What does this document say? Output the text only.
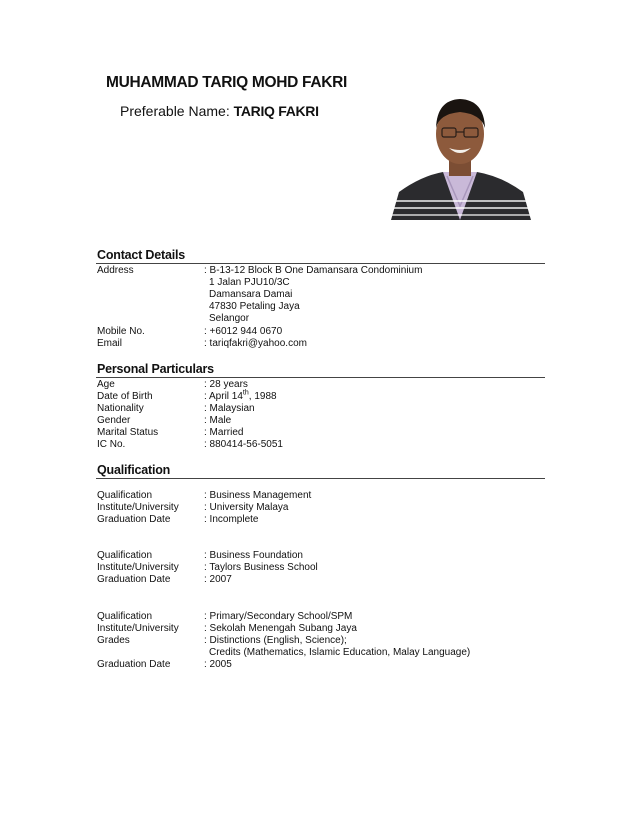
MUHAMMAD TARIQ MOHD FAKRI
Preferable Name: TARIQ FAKRI
Contact Details
Address	: B-13-12 Block B One Damansara Condominium
1 Jalan PJU10/3C
Damansara Damai
47830 Petaling Jaya
Selangor
Mobile No.	: +6012 944 0670
Email	: tariqfakri@yahoo.com
Personal Particulars
Age	: 28 years
Date of Birth	: April 14th, 1988
Nationality	: Malaysian
Gender	: Male
Marital Status	: Married
IC No.	: 880414-56-5051
Qualification
Qualification	: Business Management
Institute/University	: University Malaya
Graduation Date	: Incomplete
Qualification	: Business Foundation
Institute/University	: Taylors Business School
Graduation Date	: 2007
Qualification	: Primary/Secondary School/SPM
Institute/University	: Sekolah Menengah Subang Jaya
Grades	: Distinctions (English, Science);
Credits (Mathematics, Islamic Education, Malay Language)
Graduation Date	: 2005
